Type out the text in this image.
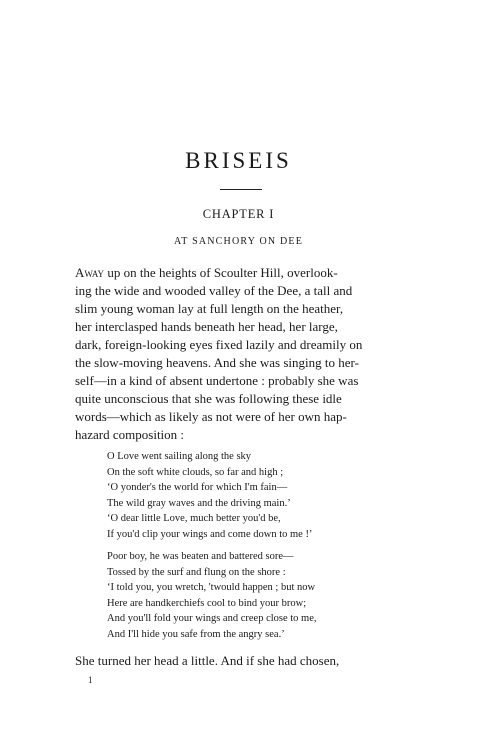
BRISEIS
CHAPTER I
AT SANCHORY ON DEE
Away up on the heights of Scoulter Hill, overlook-
ing the wide and wooded valley of the Dee, a tall and
slim young woman lay at full length on the heather,
her interclasped hands beneath her head, her large,
dark, foreign-looking eyes fixed lazily and dreamily on
the slow-moving heavens. And she was singing to her-
self—in a kind of absent undertone : probably she was
quite unconscious that she was following these idle
words—which as likely as not were of her own hap-
hazard composition :
O Love went sailing along the sky
On the soft white clouds, so far and high ;
‘O yonder's the world for which I'm fain—
The wild gray waves and the driving main.’
‘O dear little Love, much better you'd be,
If you'd clip your wings and come down to me !’
Poor boy, he was beaten and battered sore—
Tossed by the surf and flung on the shore :
‘I told you, you wretch, 'twould happen ; but now
Here are handkerchiefs cool to bind your brow;
And you'll fold your wings and creep close to me,
And I'll hide you safe from the angry sea.’
She turned her head a little. And if she had chosen,
1
